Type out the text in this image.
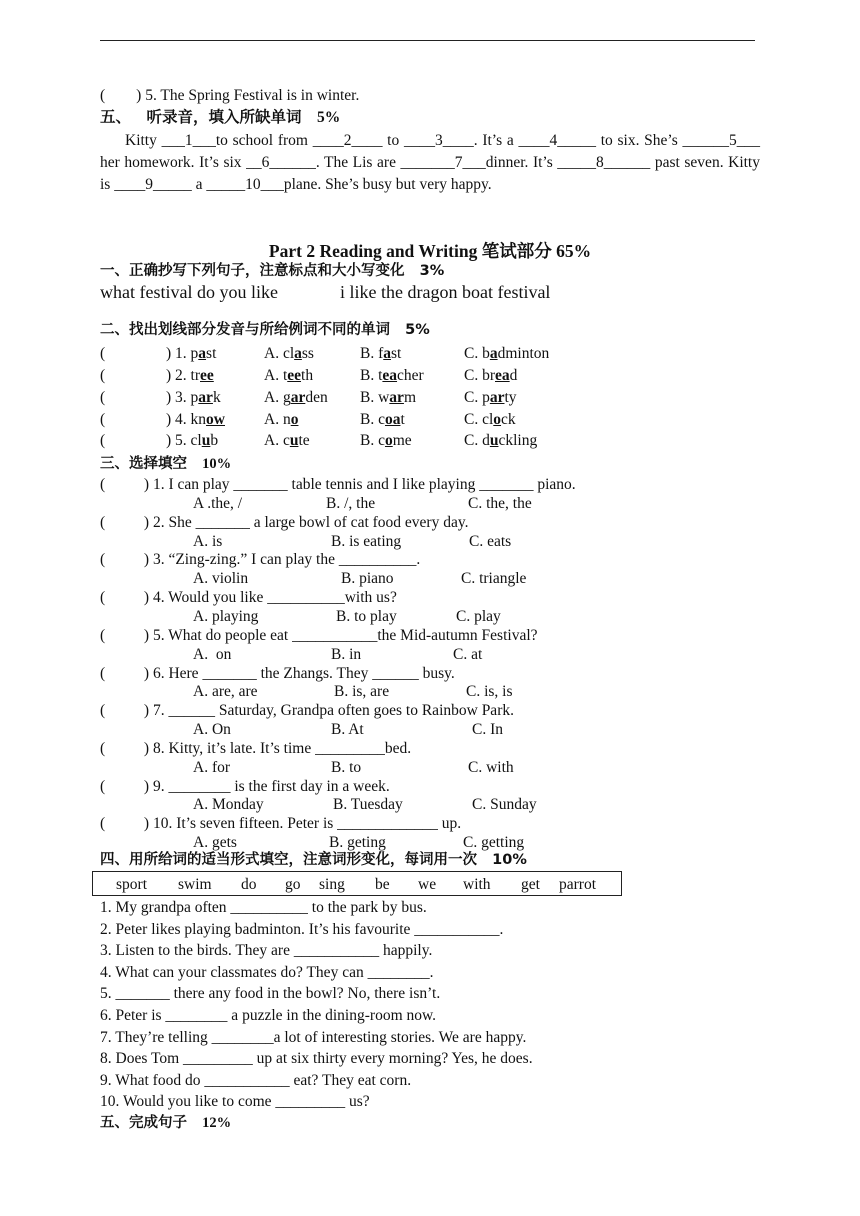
(        ) 5. The Spring Festival is in winter.
五、 听录音，填入所缺单词 5%
Kitty ___1___to school from ____2____ to ____3____. It’s a ____4_____ to six. She’s ______5___ her homework. It’s six __6______. The Lis are _______7___dinner. It’s _____8______ past seven. Kitty is ____9_____ a _____10___plane. She’s busy but very happy.
Part 2 Reading and Writing 笔试部分 65%
一、正确抄写下列句子，注意标点和大小写变化 3%
what festival do you like	i like the dragon boat festival
二、找出划线部分发音与所给例词不同的单词 5%
(	) 1. past	A. class	B. fast	C. badminton
(	) 2. tree	A. teeth	B. teacher	C. bread
(	) 3. park	A. garden B. warm	C. party
(	) 4. know	A. no	B. coat	C. clock
(	) 5. club	A. cute	B. come	C. duckling
三、选择填空 10%
(          ) 1. I can play _______ table tennis and I like playing _______ piano.
A .the, /	B. /, the	C. the, the
(          ) 2. She _______ a large bowl of cat food every day.
A. is	B. is eating	C. eats
(          ) 3. “Zing-zing.” I can play the __________.
A. violin	B. piano	C. triangle
(          ) 4. Would you like __________with us?
A. playing	B. to play	C. play
(          ) 5. What do people eat ___________the Mid-autumn Festival?
A.  on	B. in	C. at
(          ) 6. Here _______ the Zhangs. They ______ busy.
A. are, are	B. is, are	C. is, is
(          ) 7. ______ Saturday, Grandpa often goes to Rainbow Park.
A. On	B. At	C. In
(          ) 8. Kitty, it’s late. It’s time _________bed.
A. for	B. to	C. with
(          ) 9. ________ is the first day in a week.
A. Monday	B. Tuesday	C. Sunday
(          ) 10. It’s seven fifteen. Peter is _____________ up.
A. gets	B. geting	C. getting
四、用所给词的适当形式填空，注意词形变化，每词用一次 10%
sport swim do go sing be we with get parrot
1. My grandpa often __________ to the park by bus.
2. Peter likes playing badminton. It’s his favourite ___________.
3. Listen to the birds. They are ___________ happily.
4. What can your classmates do? They can ________.
5. _______ there any food in the bowl? No, there isn’t.
6. Peter is ________ a puzzle in the dining-room now.
7. They’re telling ________a lot of interesting stories. We are happy.
8. Does Tom _________ up at six thirty every morning? Yes, he does.
9. What food do ___________ eat? They eat corn.
10. Would you like to come _________ us?
五、完成句子 12%
